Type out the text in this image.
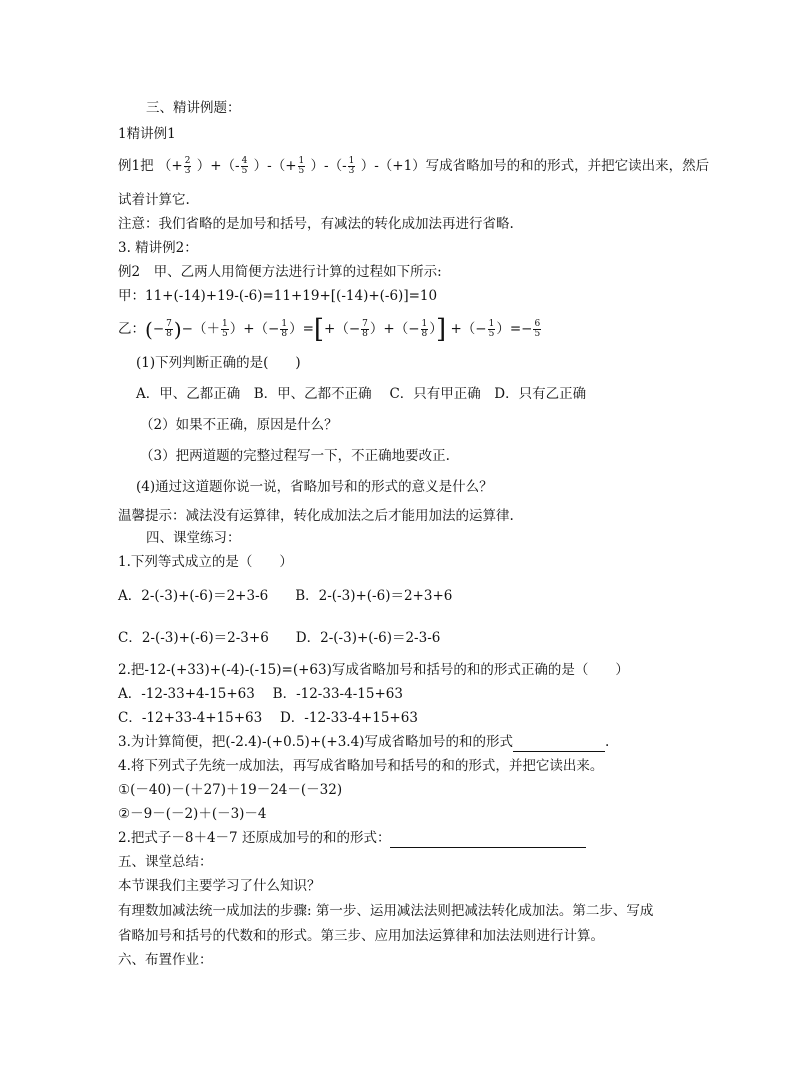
三、精讲例题：
1精讲例1
例1把 （+ $\frac{2}{3}$ ）+（- $\frac{4}{5}$ ）-（+ $\frac{1}{5}$ ）-（- $\frac{1}{3} )-(+1)$写成省略加号的和的形式，并把它读出来，然后
试着计算它.
注意：我们省略的是加号和括号，有减法的转化成加法再进行省略.
3. 精讲例2：
例2　甲、乙两人用简便方法进行计算的过程如下所示:
甲：11+(-14)+19-(-6)=11+19+[(-14)+(-6)]=10
乙：(− $\frac{7}{8}$ )−（＋ $\frac{1}{5}$ ）+（− $\frac{1}{8}$ ）=[+（− $\frac{7}{8}$ ）+（− $\frac{1}{8}$ ）] +（− $\frac{1}{5}$ ）=− $\frac{6}{5}$
(1)下列判断正确的是(　　)
A．甲、乙都正确　B．甲、乙都不正确　 C．只有甲正确　D．只有乙正确
（2）如果不正确，原因是什么？
（3）把两道题的完整过程写一下，不正确地要改正.
(4)通过这道题你说一说，省略加号和的形式的意义是什么？
温馨提示：减法没有运算律，转化成加法之后才能用加法的运算律.
四、课堂练习：
1.下列等式成立的是（　　）
A．2-(-3)+(-6)＝2+3-6　　B．2-(-3)+(-6)＝2+3+6
C．2-(-3)+(-6)＝2-3+6　　D．2-(-3)+(-6)＝2-3-6
2.把-12-(+33)+(-4)-(-15)=(+63)写成省略加号和括号的和的形式正确的是（　　）
A．-12-33+4-15+63　 B．-12-33-4-15+63
C．-12+33-4+15+63　 D．-12-33-4+15+63
3.为计算简便，把(-2.4)-(+0.5)+(+3.4)写成省略加号的和的形式	.
4.将下列式子先统一成加法，再写成省略加号和括号的和的形式，并把它读出来。
①(－40)－(＋27)＋19－24－(－32)
②－9－(－2)＋(－3)－4
2.把式子－8＋4－7 还原成加号的和的形式：
五、课堂总结：
本节课我们主要学习了什么知识？
有理数加减法统一成加法的步骤: 第一步、运用减法法则把减法转化成加法。第二步、写成
省略加号和括号的代数和的形式。第三步、应用加法运算律和加法法则进行计算。
六、布置作业：
